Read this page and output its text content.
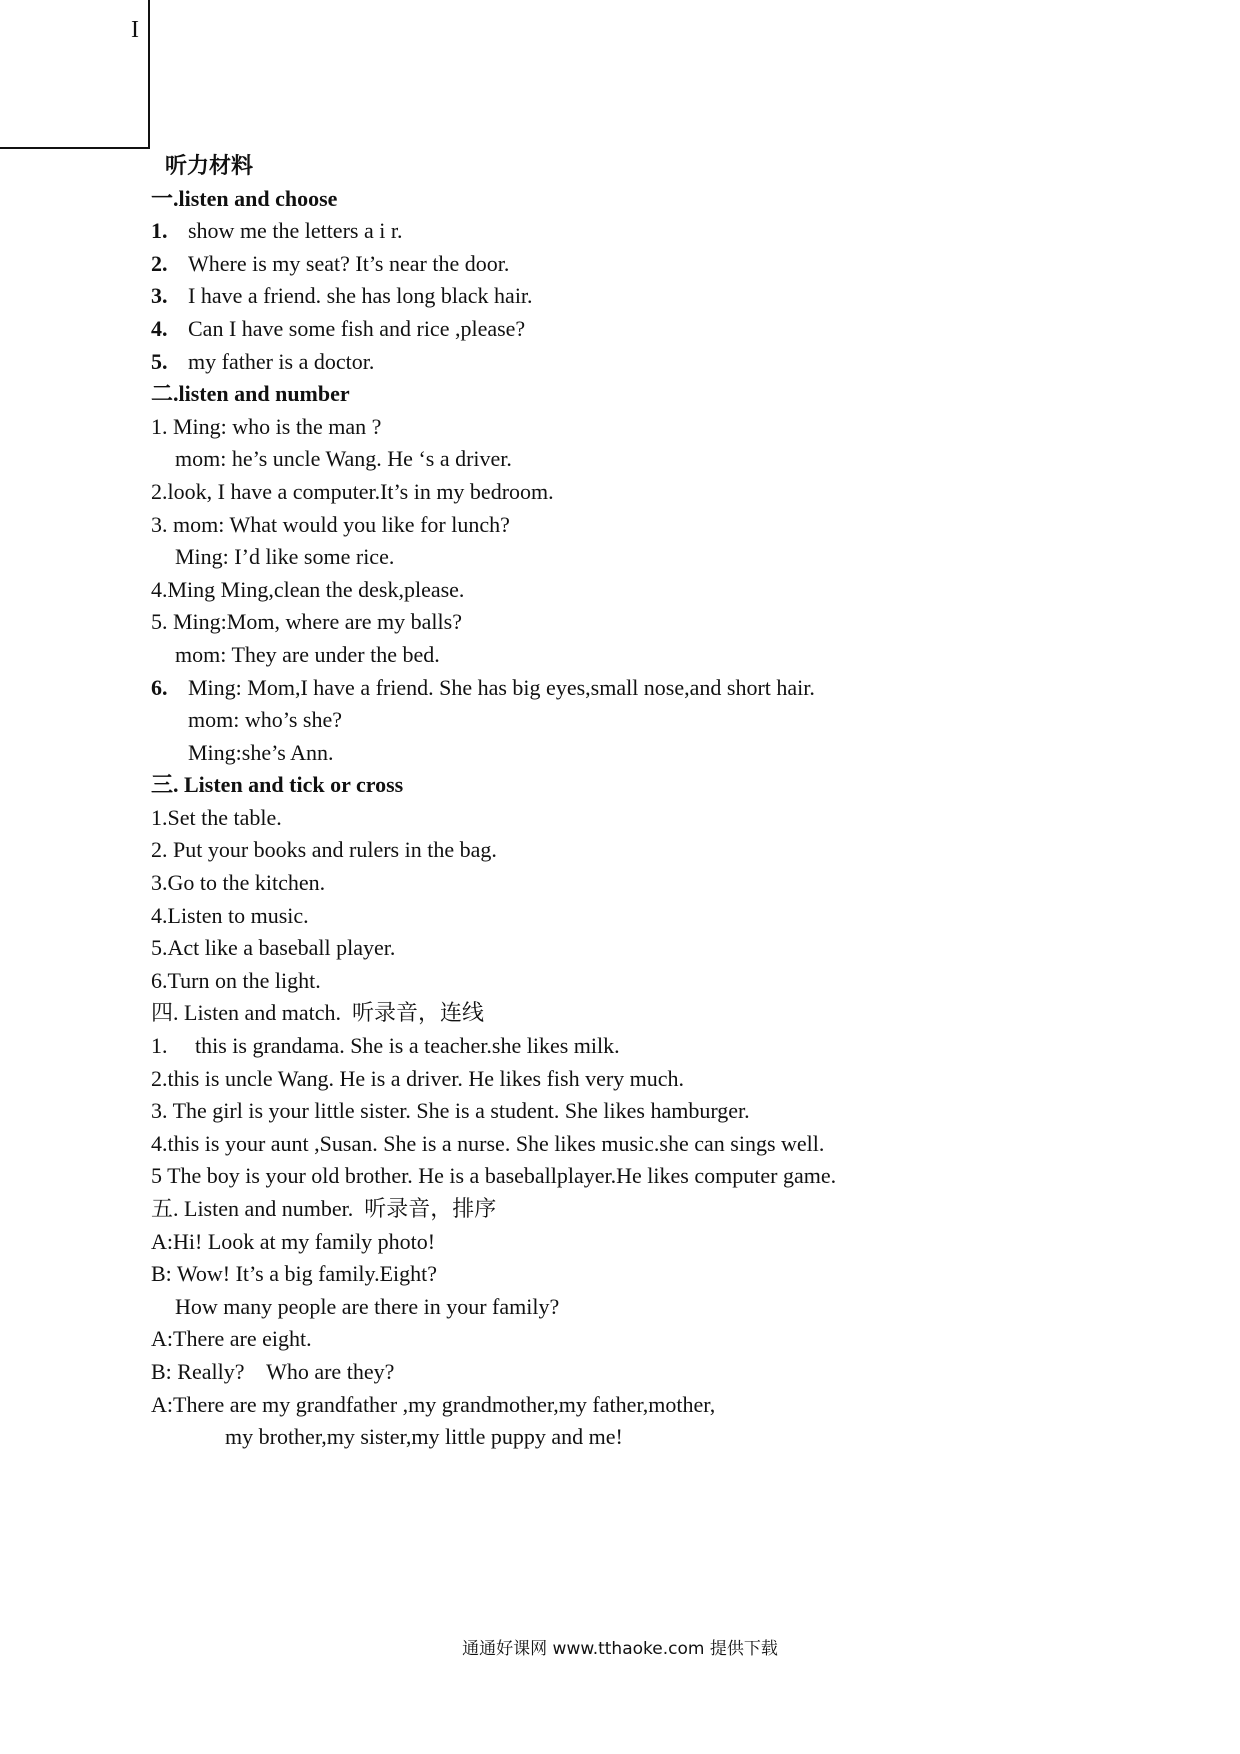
I
听力材料
一.listen and choose
1. show me the letters a i r.
2. Where is my seat? It’s near the door.
3. I have a friend. she has long black hair.
4. Can I have some fish and rice ,please?
5. my father is a doctor.
二.listen and number
1. Ming: who is the man ?
mom: he’s uncle Wang. He ‘s a driver.
2.look, I have a computer.It’s in my bedroom.
3. mom: What would you like for lunch?
Ming: I’d like some rice.
4.Ming Ming,clean the desk,please.
5. Ming:Mom, where are my balls?
mom: They are under the bed.
6. Ming: Mom,I have a friend. She has big eyes,small nose,and short hair.
mom: who’s she?
Ming:she’s Ann.
三. Listen and tick or cross
1.Set the table.
2. Put your books and rulers in the bag.
3.Go to the kitchen.
4.Listen to music.
5.Act like a baseball player.
6.Turn on the light.
四. Listen and match.  听录音，连线
1.     this is grandama. She is a teacher.she likes milk.
2.this is uncle Wang. He is a driver. He likes fish very much.
3. The girl is your little sister. She is a student. She likes hamburger.
4.this is your aunt ,Susan. She is a nurse. She likes music.she can sings well.
5 The boy is your old brother. He is a baseballplayer.He likes computer game.
五. Listen and number.  听录音，排序
A:Hi! Look at my family photo!
B: Wow! It’s a big family.Eight?
How many people are there in your family?
A:There are eight.
B: Really?    Who are they?
A:There are my grandfather ,my grandmother,my father,mother,
my brother,my sister,my little puppy and me!
通通好课网 www.tthaoke.com 提供下载
